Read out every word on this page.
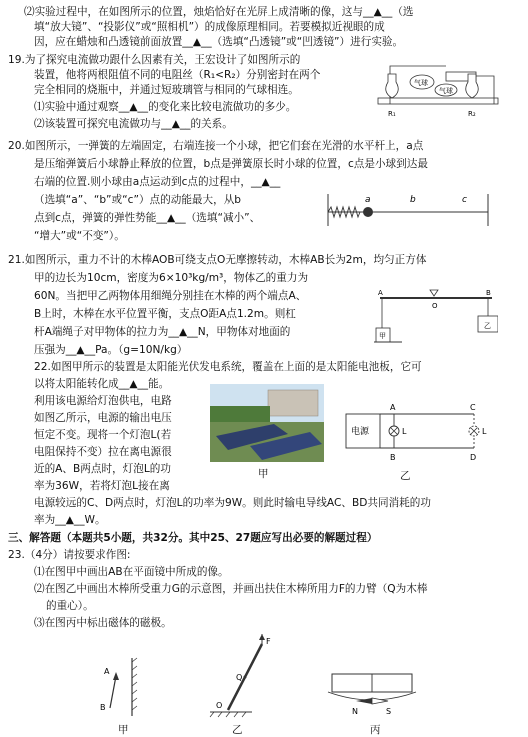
⑵实验过程中，在如图所示的位置，烛焰恰好在光屏上成清晰的像，这与__▲__（选
填“放大镜”、“投影仪”或“照相机”）的成像原理相同。若要模拟近视眼的成
因，应在蜡烛和凸透镜前面放置__▲__（选填“凸透镜”或“凹透镜”）进行实验。
19.为了探究电流做功跟什么因素有关，王宏设计了如图所示的
装置，他将两根阻值不同的电阻丝（R₁<R₂）分别密封在两个
完全相同的烧瓶中，并通过短玻璃管与相同的气球相连。
⑴实验中通过观察__▲__的变化来比较电流做功的多少。
⑵该装置可探究电流做功与__▲__的关系。
20.如图所示，一弹簧的左端固定，右端连接一个小球，把它们套在光滑的水平杆上，a点
是压缩弹簧后小球静止释放的位置，b点是弹簧原长时小球的位置，c点是小球到达最
右端的位置.则小球由a点运动到c点的过程中，__▲__
（选填“a”、“b”或“c”）点的动能最大，从b
点到c点，弹簧的弹性势能__▲__（选填“减小”、
“增大”或“不变”）。
21.如图所示，重力不计的木棒AOB可绕支点O无摩擦转动，木棒AB长为2m，均匀正方体
甲的边长为10cm，密度为6×10³kg/m³，物体乙的重力为
60N。当把甲乙两物体用细绳分别挂在木棒的两个端点A、
B上时，木棒在水平位置平衡，支点O距A点1.2m。则杠
杆A端绳子对甲物体的拉力为__▲__N，甲物体对地面的
压强为__▲__Pa。（g=10N/kg）
22.如图甲所示的装置是太阳能光伏发电系统，覆盖在上面的是太阳能电池板，它可
以将太阳能转化成__▲__能。
利用该电源给灯泡供电，电路
如图乙所示，电源的输出电压
恒定不变。现将一个灯泡L(若
电阻保持不变）拉在离电源很
近的A、B两点时，灯泡L的功
率为36W，若将灯泡L接在离
电源较远的C、D两点时，灯泡L的功率为9W。则此时输电导线AC、BD共同消耗的功
率为__▲__W。
三、解答题（本题共5小题，共32分。其中25、27题应写出必要的解题过程）
23.（4分）请按要求作图:
⑴在图甲中画出AB在平面镜中所成的像。
⑵在图乙中画出木棒所受重力G的示意图，并画出扶住木棒所用力F的力臂（Q为木棒
的重心）。
⑶在图丙中标出磁体的磁极。
气球
气球
R₁	R₂
a	b	c
A
O
B
甲
乙
甲
电源
A
B
C
D
L	L
乙
A
B
甲
F
Q
O
乙
N	S
丙
